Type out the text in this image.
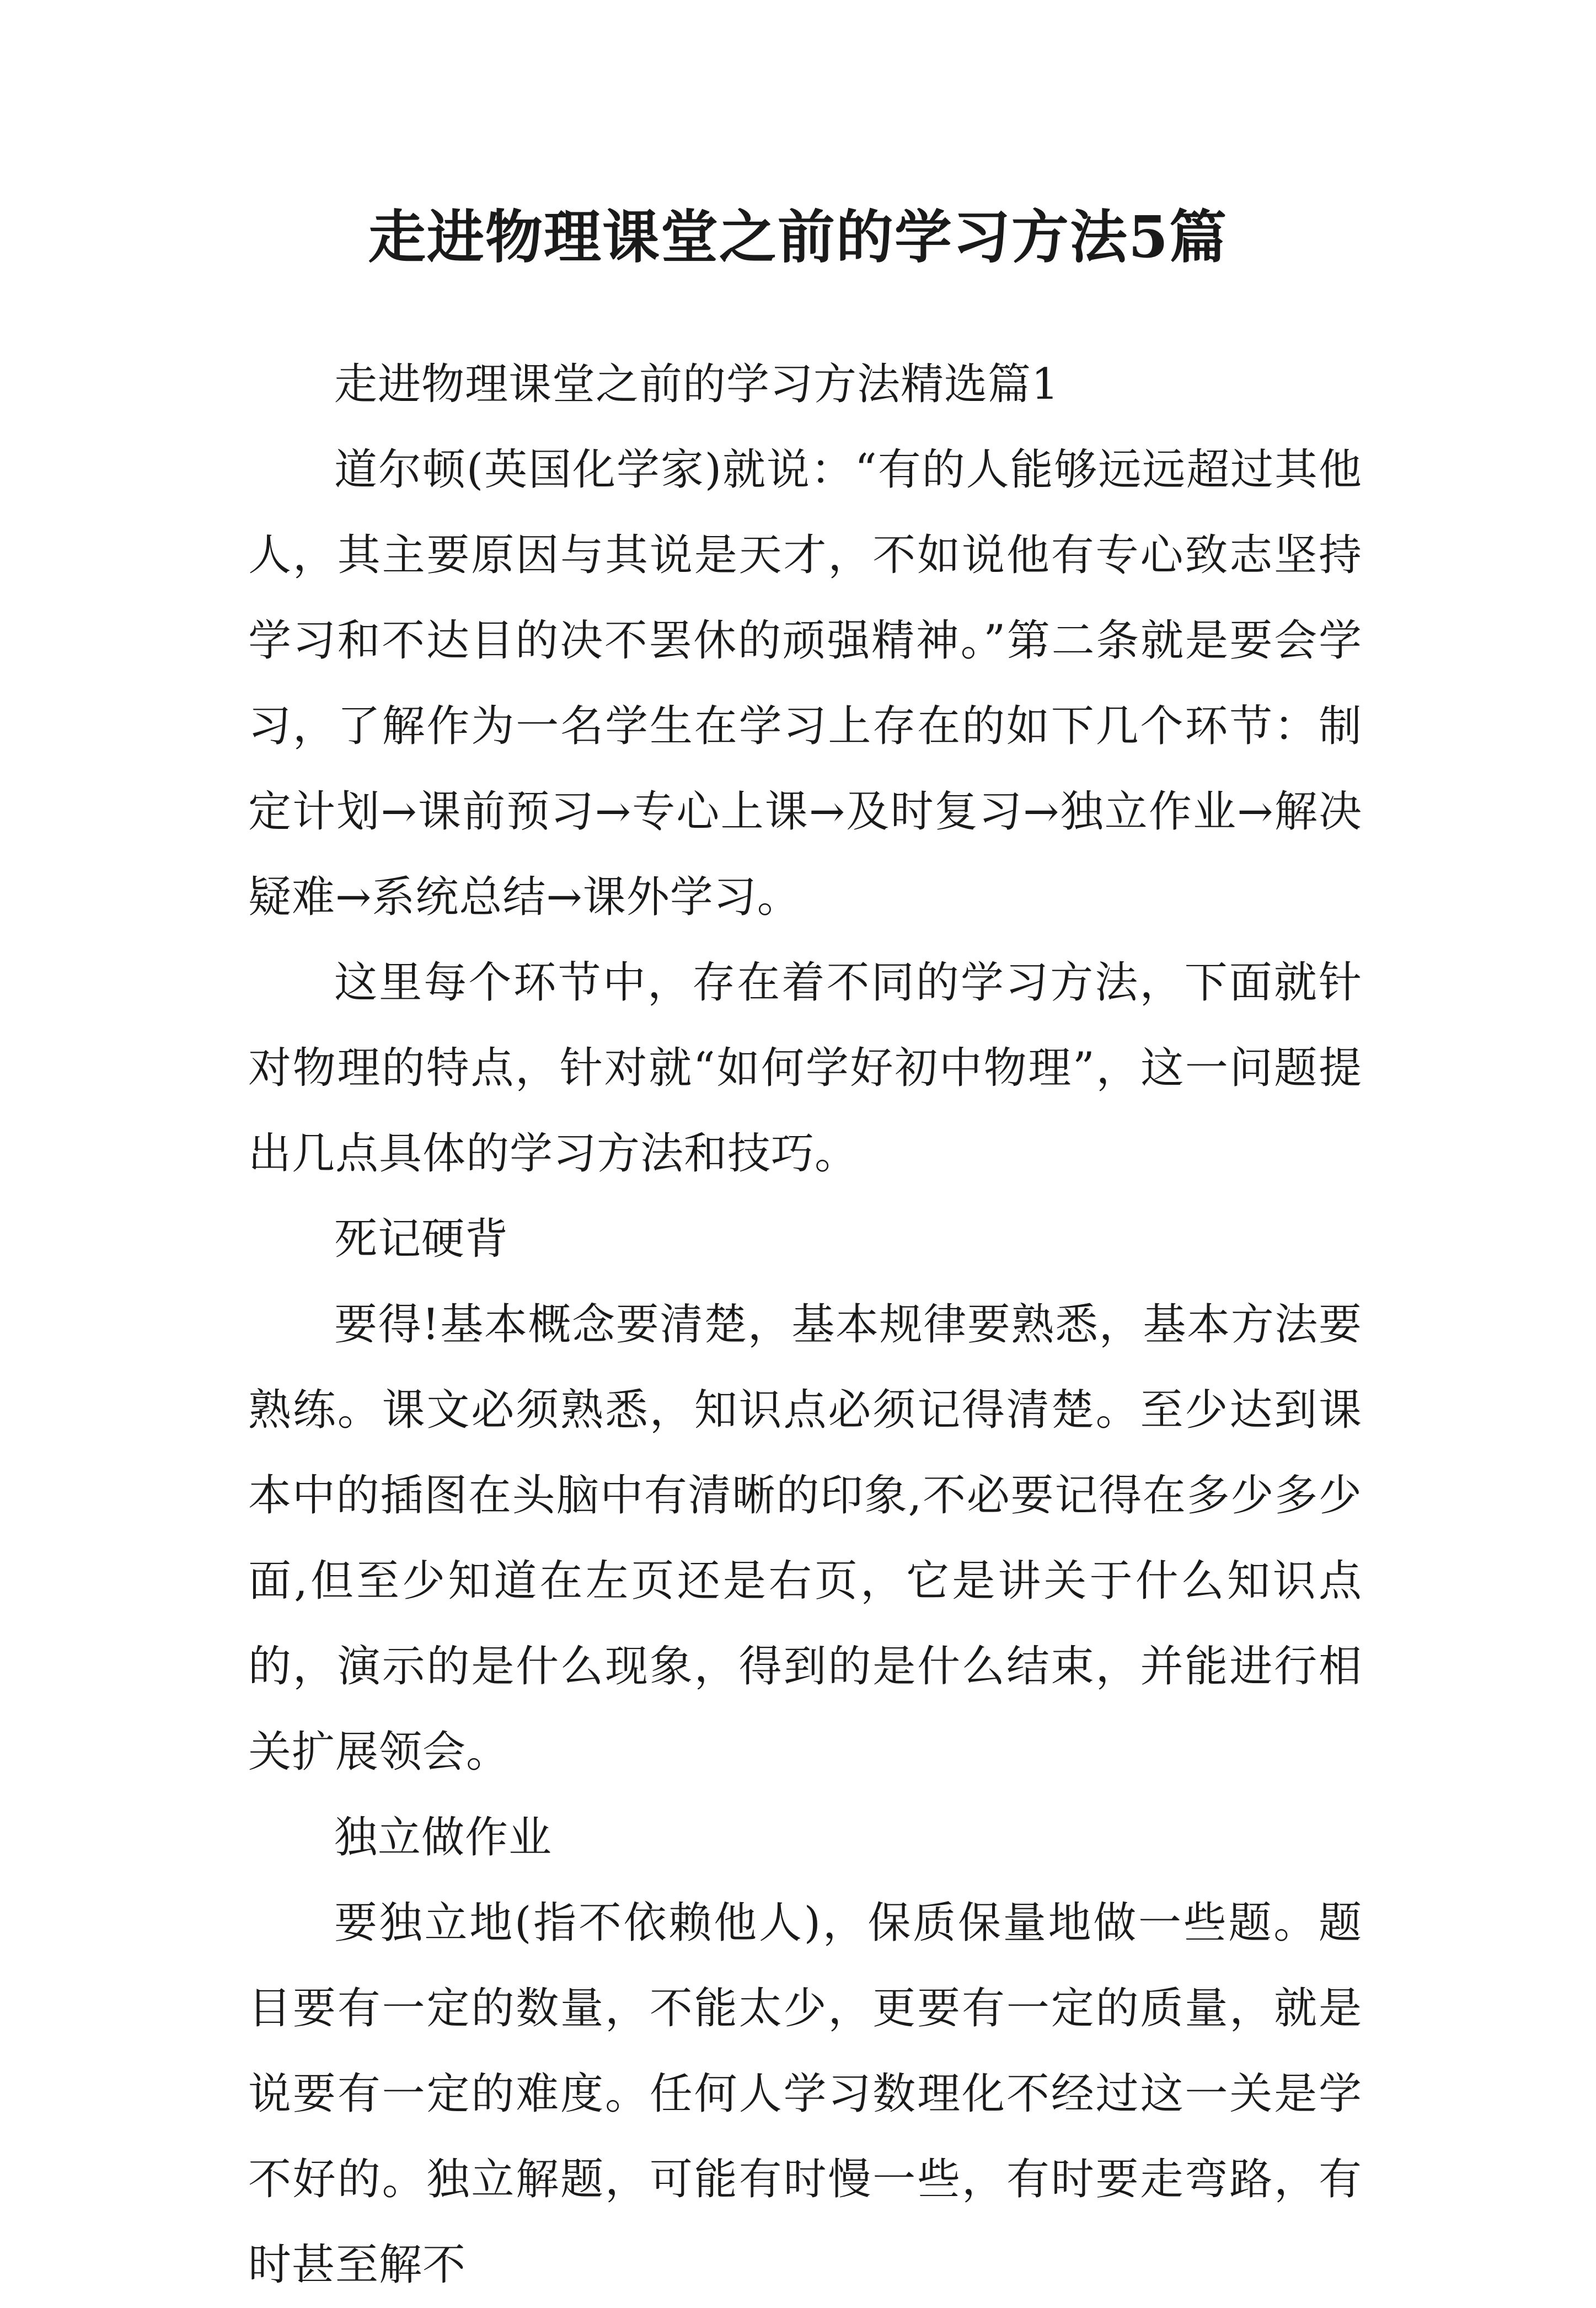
走进物理课堂之前的学习方法5篇

走进物理课堂之前的学习方法精选篇1

道尔顿(英国化学家)就说：“有的人能够远远超过其他人，其主要原因与其说是天才，不如说他有专心致志坚持学习和不达目的决不罢休的顽强精神。”第二条就是要会学习，了解作为一名学生在学习上存在的如下几个环节：制定计划→课前预习→专心上课→及时复习→独立作业→解决疑难→系统总结→课外学习。

这里每个环节中，存在着不同的学习方法，下面就针对物理的特点，针对就“如何学好初中物理”，这一问题提出几点具体的学习方法和技巧。

死记硬背

要得!基本概念要清楚，基本规律要熟悉，基本方法要熟练。课文必须熟悉，知识点必须记得清楚。至少达到课本中的插图在头脑中有清晰的印象,不必要记得在多少多少面,但至少知道在左页还是右页，它是讲关于什么知识点的，演示的是什么现象，得到的是什么结束，并能进行相关扩展领会。

独立做作业

要独立地(指不依赖他人)，保质保量地做一些题。题目要有一定的数量，不能太少，更要有一定的质量，就是说要有一定的难度。任何人学习数理化不经过这一关是学不好的。独立解题，可能有时慢一些，有时要走弯路，有时甚至解不
